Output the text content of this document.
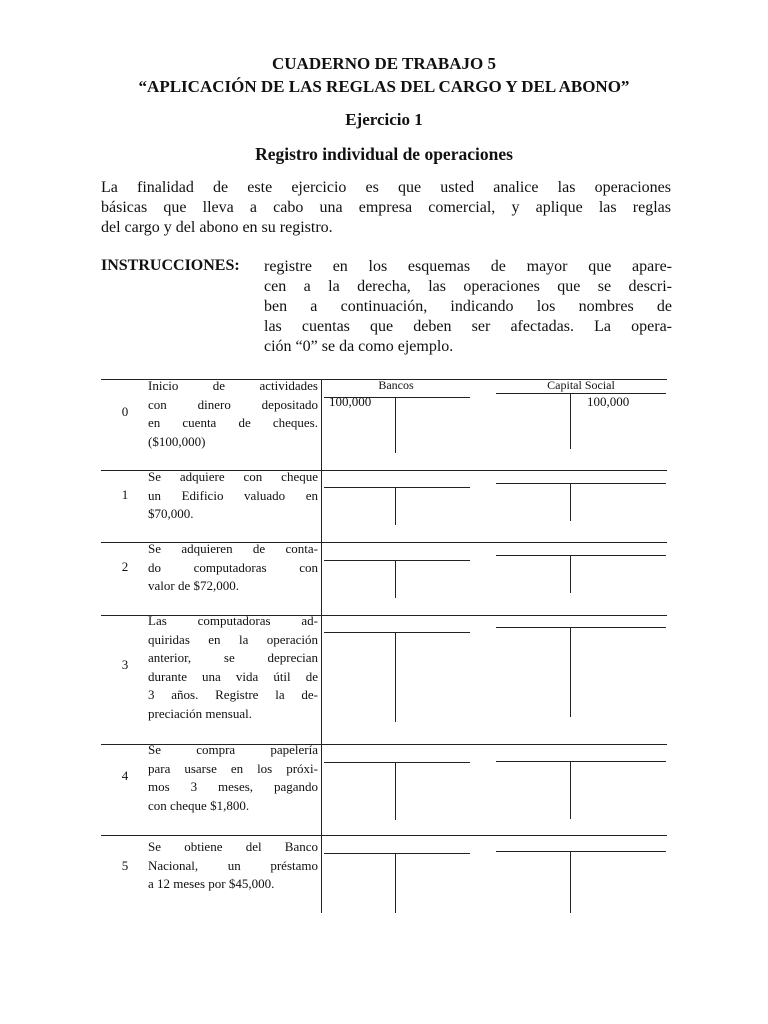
CUADERNO DE TRABAJO 5
“APLICACIÓN DE LAS REGLAS DEL CARGO Y DEL ABONO”
Ejercicio 1
Registro individual de operaciones
La finalidad de este ejercicio es que usted analice las operaciones
básicas que lleva a cabo una empresa comercial, y aplique las reglas
del cargo y del abono en su registro.
INSTRUCCIONES: registre en los esquemas de mayor que apare-
cen a la derecha, las operaciones que se descri-
ben a continuación, indicando los nombres de
las cuentas que deben ser afectadas. La opera-
ción “0” se da como ejemplo.
0
Inicio de actividades
con dinero depositado
en cuenta de cheques.
($100,000)
Bancos	Capital Social
100,000	100,000
1
Se adquiere con cheque
un Edificio valuado en
$70,000.
2
Se adquieren de conta-
do computadoras con
valor de $72,000.
3
Las computadoras ad-
quiridas en la operación
anterior, se deprecian
durante una vida útil de
3 años. Registre la de-
preciación mensual.
4
Se compra papelería
para usarse en los próxi-
mos 3 meses, pagando
con cheque $1,800.
5
Se obtiene del Banco
Nacional, un préstamo
a 12 meses por $45,000.
